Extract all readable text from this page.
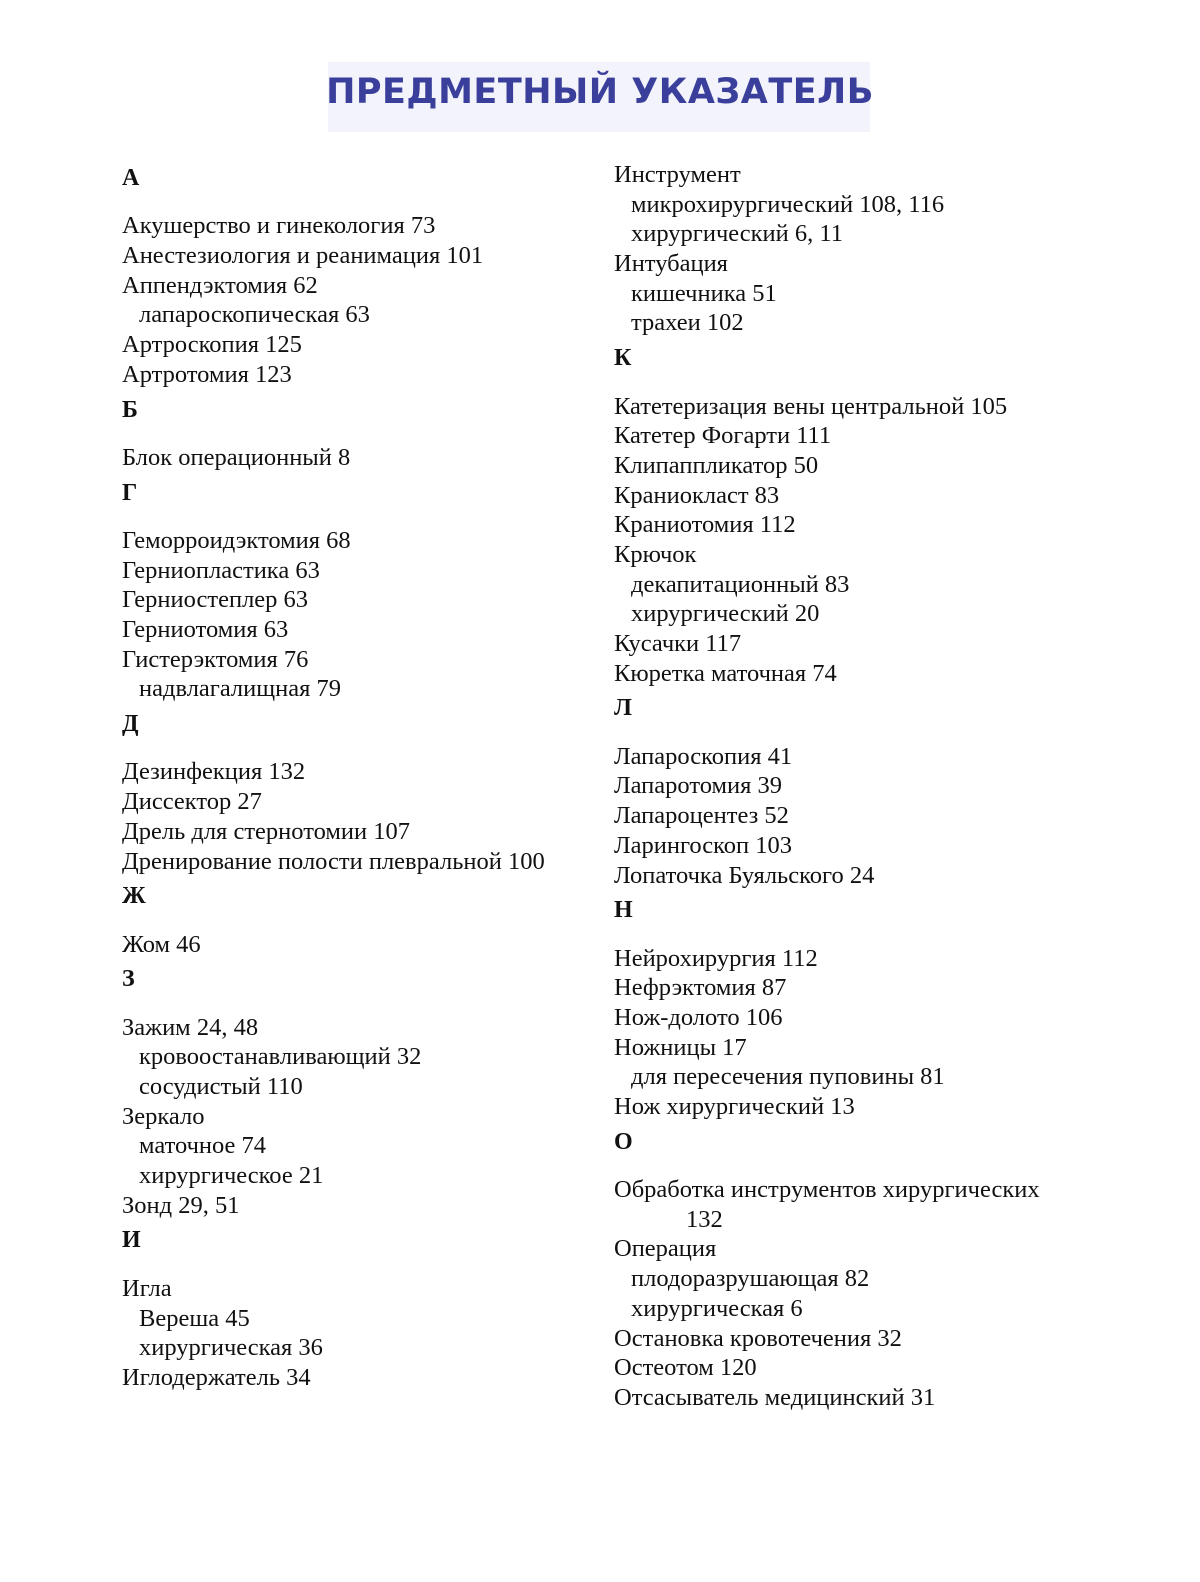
ПРЕДМЕТНЫЙ УКАЗАТЕЛЬ
А
Акушерство и гинекология 73
Анестезиология и реанимация 101
Аппендэктомия 62
лапароскопическая 63
Артроскопия 125
Артротомия 123
Б
Блок операционный 8
Г
Геморроидэктомия 68
Герниопластика 63
Герниостеплер 63
Герниотомия 63
Гистерэктомия 76
надвлагалищная 79
Д
Дезинфекция 132
Диссектор 27
Дрель для стернотомии 107
Дренирование полости плевральной 100
Ж
Жом 46
З
Зажим 24, 48
кровоостанавливающий 32
сосудистый 110
Зеркало
маточное 74
хирургическое 21
Зонд 29, 51
И
Игла
Вереша 45
хирургическая 36
Иглодержатель 34
Инструмент
микрохирургический 108, 116
хирургический 6, 11
Интубация
кишечника 51
трахеи 102
К
Катетеризация вены центральной 105
Катетер Фогарти 111
Клипаппликатор 50
Краниокласт 83
Краниотомия 112
Крючок
декапитационный 83
хирургический 20
Кусачки 117
Кюретка маточная 74
Л
Лапароскопия 41
Лапаротомия 39
Лапароцентез 52
Ларингоскоп 103
Лопаточка Буяльского 24
Н
Нейрохирургия 112
Нефрэктомия 87
Нож-долото 106
Ножницы 17
для пересечения пуповины 81
Нож хирургический 13
О
Обработка инструментов хирургических
132
Операция
плодоразрушающая 82
хирургическая 6
Остановка кровотечения 32
Остеотом 120
Отсасыватель медицинский 31
